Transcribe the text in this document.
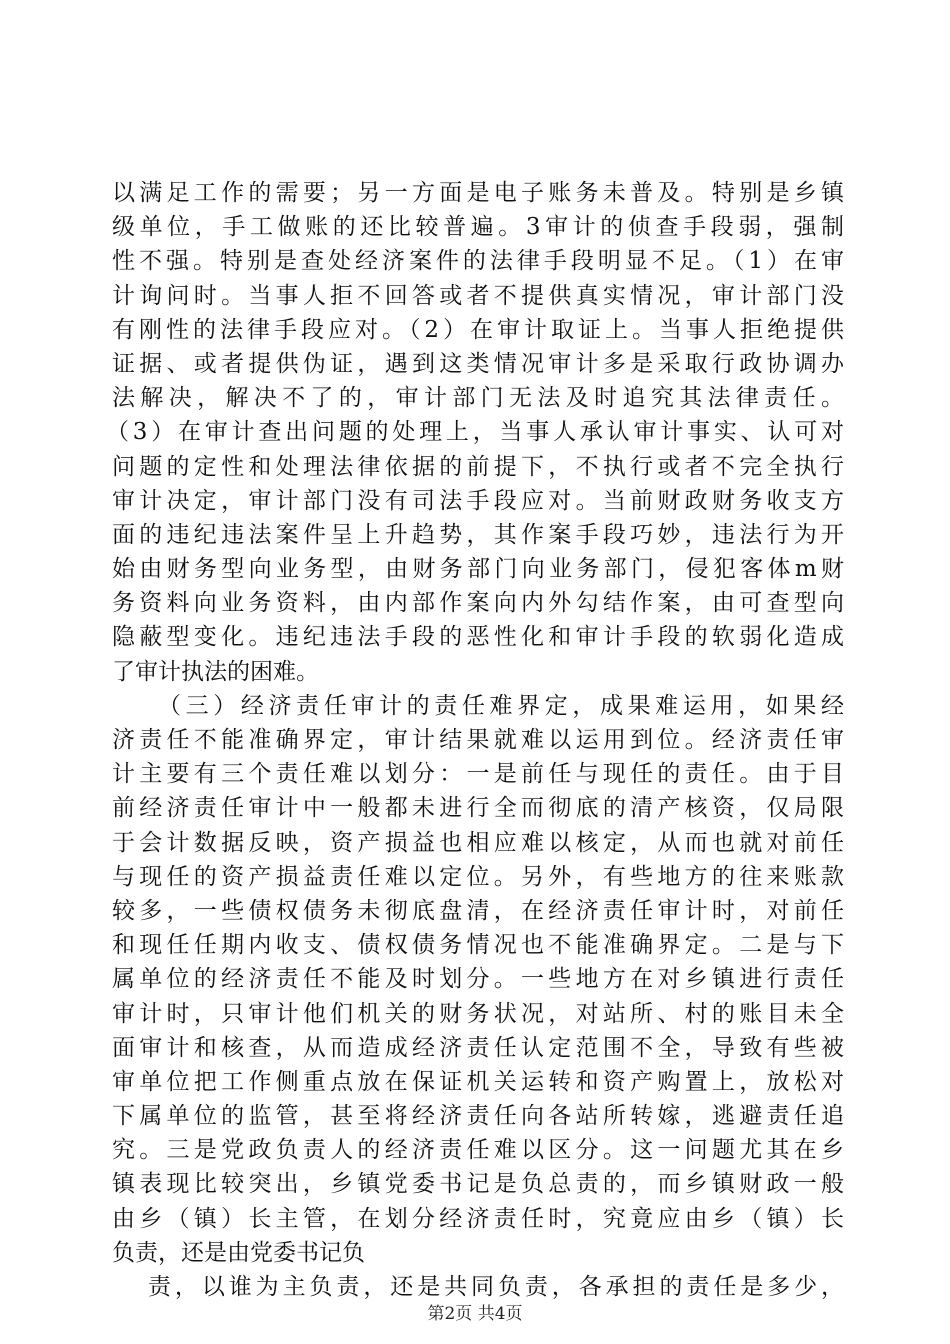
以满足工作的需要；另一方面是电子账务未普及。特别是乡镇
级单位，手工做账的还比较普遍。3审计的侦查手段弱，强制
性不强。特别是查处经济案件的法律手段明显不足。（1）在审
计询问时。当事人拒不回答或者不提供真实情况，审计部门没
有刚性的法律手段应对。（2）在审计取证上。当事人拒绝提供
证据、或者提供伪证，遇到这类情况审计多是采取行政协调办
法解决，解决不了的，审计部门无法及时追究其法律责任。
（3）在审计查出问题的处理上，当事人承认审计事实、认可对
问题的定性和处理法律依据的前提下，不执行或者不完全执行
审计决定，审计部门没有司法手段应对。当前财政财务收支方
面的违纪违法案件呈上升趋势，其作案手段巧妙，违法行为开
始由财务型向业务型，由财务部门向业务部门，侵犯客体m财
务资料向业务资料，由内部作案向内外勾结作案，由可查型向
隐蔽型变化。违纪违法手段的恶性化和审计手段的软弱化造成
了审计执法的困难。
（三）经济责任审计的责任难界定，成果难运用，如果经
济责任不能准确界定，审计结果就难以运用到位。经济责任审
计主要有三个责任难以划分：一是前任与现任的责任。由于目
前经济责任审计中一般都未进行全而彻底的清产核资，仅局限
于会计数据反映，资产损益也相应难以核定，从而也就对前任
与现任的资产损益责任难以定位。另外，有些地方的往来账款
较多，一些债权债务未彻底盘清，在经济责任审计时，对前任
和现任任期内收支、债权债务情况也不能准确界定。二是与下
属单位的经济责任不能及时划分。一些地方在对乡镇进行责任
审计时，只审计他们机关的财务状况，对站所、村的账目未全
面审计和核查，从而造成经济责任认定范围不全，导致有些被
审单位把工作侧重点放在保证机关运转和资产购置上，放松对
下属单位的监管，甚至将经济责任向各站所转嫁，逃避责任追
究。三是党政负责人的经济责任难以区分。这一问题尤其在乡
镇表现比较突出，乡镇党委书记是负总责的，而乡镇财政一般
由乡（镇）长主管，在划分经济责任时，究竟应由乡（镇）长
负责，还是由党委书记负
责，以谁为主负责，还是共同负责，各承担的责任是多少，
第2页 共4页
